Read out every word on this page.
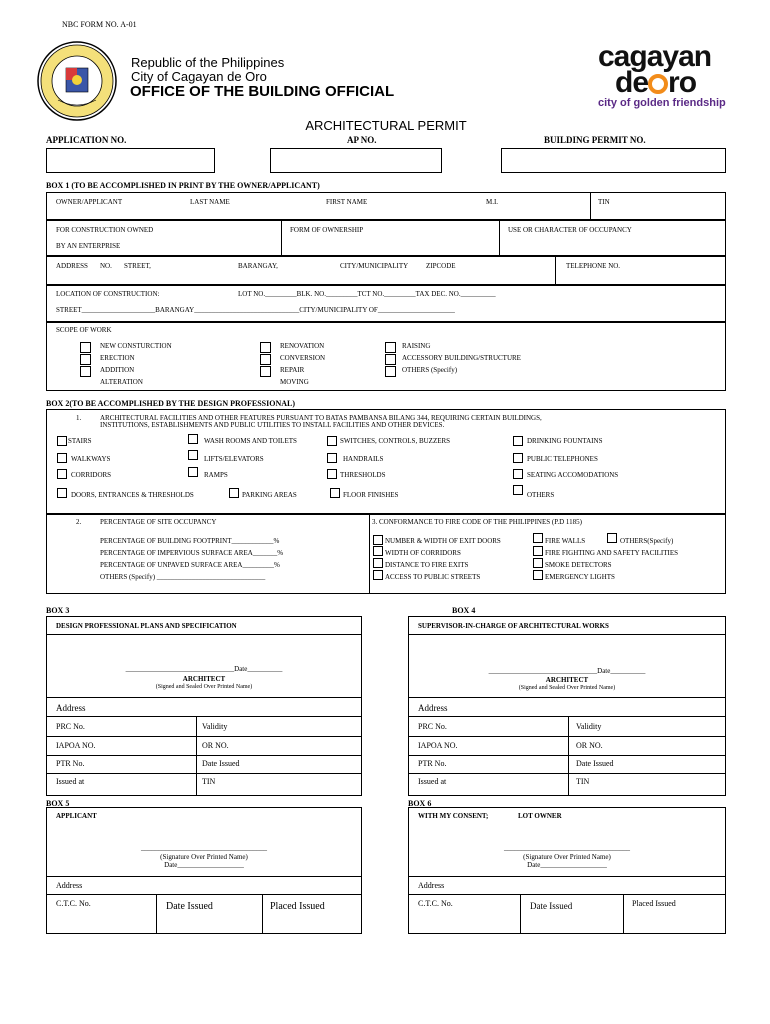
NBC FORM NO. A-01
Republic of the Philippines
City of Cagayan de Oro
OFFICE OF THE BUILDING OFFICIAL
cagayan
de ro
city of golden friendship
ARCHITECTURAL PERMIT
APPLICATION NO.	AP NO.	BUILDING PERMIT NO.
BOX 1 (TO BE ACCOMPLISHED IN PRINT BY THE OWNER/APPLICANT)
OWNER/APPLICANT	LAST NAME	FIRST NAME	M.I.	TIN
FOR CONSTRUCTION OWNED
BY AN ENTERPRISE
FORM OF OWNERSHIP	USE OR CHARACTER OF OCCUPANCY
ADDRESS NO. STREET,	BARANGAY,	CITY/MUNICIPALITY	ZIPCODE	TELEPHONE NO.
LOCATION OF CONSTRUCTION:	LOT NO._________BLK. NO._________TCT NO._________TAX DEC. NO.__________
STREET_____________________BARANGAY______________________________CITY/MUNICIPALITY OF______________________
SCOPE OF WORK
NEW CONSTURCTION
ERECTION
ADDITION
ALTERATION
RENOVATION
CONVERSION
REPAIR
MOVING
RAISING
ACCESSORY BUILDING/STRUCTURE
OTHERS (Specify)
BOX 2(TO BE ACCOMPLISHED BY THE DESIGN PROFESSIONAL)
1.	ARCHITECTURAL FACILITIES AND OTHER FEATURES PURSUANT TO BATAS PAMBANSA BILANG 344, REQUIRING CERTAIN BUILDINGS,
INSTITUTIONS, ESTABLISHMENTS AND PUBLIC UTILITIES TO INSTALL FACILITIES AND OTHER DEVICES.
STAIRS	WASH ROOMS AND TOILETS	SWITCHES, CONTROLS, BUZZERS	DRINKING FOUNTAINS
WALKWAYS	LIFTS/ELEVATORS	HANDRAILS	PUBLIC TELEPHONES
CORRIDORS	RAMPS	THRESHOLDS	SEATING ACCOMODATIONS
DOORS, ENTRANCES & THRESHOLDS	PARKING AREAS	FLOOR FINISHES	OTHERS
2.	PERCENTAGE OF SITE OCCUPANCY
PERCENTAGE OF BUILDING FOOTPRINT____________%
PERCENTAGE OF IMPERVIOUS SURFACE AREA_______%
PERCENTAGE OF UNPAVED SURFACE AREA_________%
OTHERS (Specify) _______________________________
3. CONFORMANCE TO FIRE CODE OF THE PHILIPPINES (P.D 1185)
NUMBER & WIDTH OF EXIT DOORS	FIRE WALLS	OTHERS(Specify)
WIDTH OF CORRIDORS	FIRE FIGHTING AND SAFETY FACILITIES
DISTANCE TO FIRE EXITS	SMOKE DETECTORS
ACCESS TO PUBLIC STREETS	EMERGENCY LIGHTS
BOX 3
DESIGN PROFESSIONAL PLANS AND SPECIFICATION
_______________________________Date__________
ARCHITECT
(Signed and Sealed Over Printed Name)
Address
PRC No.	Validity
IAPOA NO.	OR NO.
PTR No.	Date Issued
Issued at	TIN
BOX 4
SUPERVISOR-IN-CHARGE OF ARCHITECTURAL WORKS
_______________________________Date__________
ARCHITECT
(Signed and Sealed Over Printed Name)
Address
PRC No.	Validity
IAPOA NO.	OR NO.
PTR No.	Date Issued
Issued at	TIN
BOX 5
APPLICANT
____________________________________
(Signature Over Printed Name)
Date___________________
Address
C.T.C. No.	Date Issued	Placed Issued
BOX 6
WITH MY CONSENT;	LOT OWNER
____________________________________
(Signature Over Printed Name)
Date___________________
Address
C.T.C. No.	Date Issued	Placed Issued
